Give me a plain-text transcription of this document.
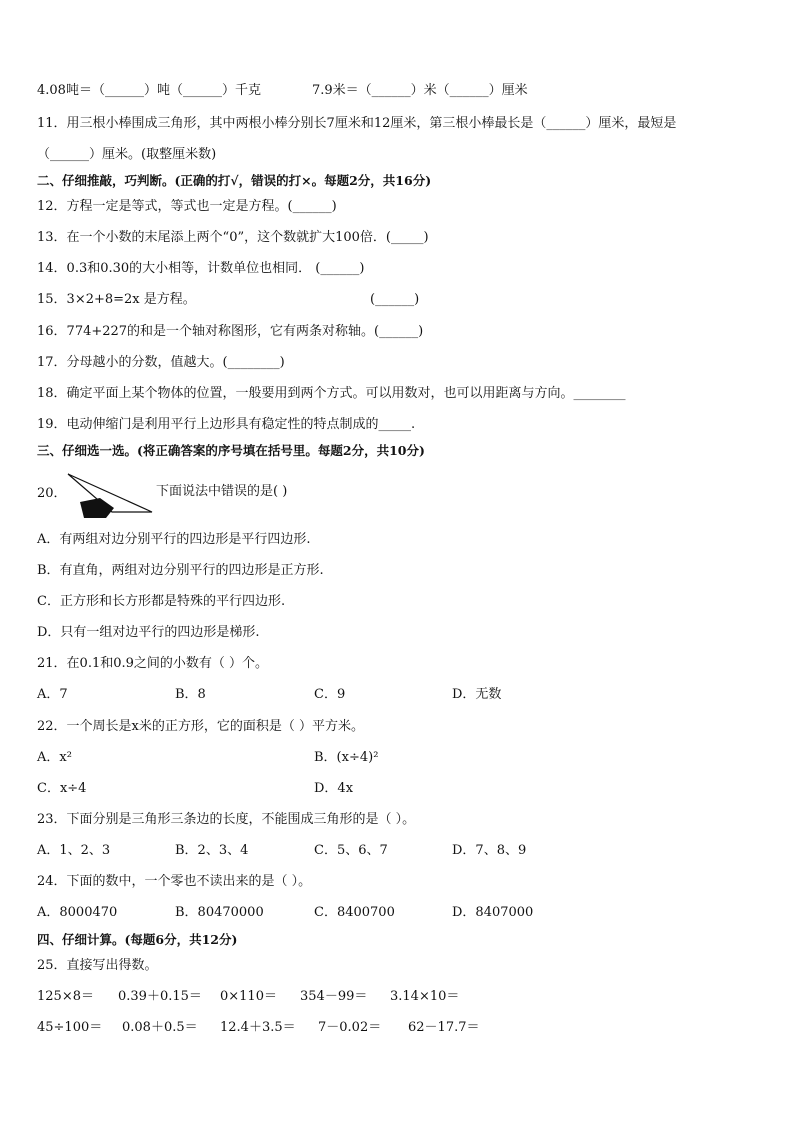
4.08吨＝（______）吨（______）千克	7.9米＝（______）米（______）厘米
11．用三根小棒围成三角形，其中两根小棒分别长7厘米和12厘米，第三根小棒最长是（______）厘米，最短是
（______）厘米。(取整厘米数)
二、仔细推敲，巧判断。(正确的打√，错误的打×。每题2分，共16分)
12．方程一定是等式，等式也一定是方程。(______)
13．在一个小数的末尾添上两个“0”，这个数就扩大100倍．(_____)
14．0.3和0.30的大小相等，计数单位也相同． (______)
15．3×2+8=2x 是方程。	(______)
16．774+227的和是一个轴对称图形，它有两条对称轴。(______)
17．分母越小的分数，值越大。(________)
18．确定平面上某个物体的位置，一般要用到两个方式。可以用数对，也可以用距离与方向。________
19．电动伸缩门是利用平行上边形具有稳定性的特点制成的_____.
三、仔细选一选。(将正确答案的序号填在括号里。每题2分，共10分)
20．	下面说法中错误的是( )
A．有两组对边分别平行的四边形是平行四边形.
B．有直角，两组对边分别平行的四边形是正方形.
C．正方形和长方形都是特殊的平行四边形.
D．只有一组对边平行的四边形是梯形.
21．在0.1和0.9之间的小数有（ ）个。
A．7	B．8	C．9	D．无数
22．一个周长是x米的正方形，它的面积是（ ）平方米。
A．x²	B．(x÷4)²
C．x÷4	D．4x
23．下面分别是三角形三条边的长度，不能围成三角形的是（ ）。
A．1、2、3	B．2、3、4	C．5、6、7	D．7、8、9
24．下面的数中，一个零也不读出来的是（ ）。
A．8000470	B．80470000	C．8400700	D．8407000
四、仔细计算。(每题6分，共12分)
25．直接写出得数。
125×8＝ 0.39＋0.15＝ 0×110＝ 354－99＝ 3.14×10＝
45÷100＝ 0.08＋0.5＝ 12.4＋3.5＝ 7－0.02＝ 62－17.7＝
